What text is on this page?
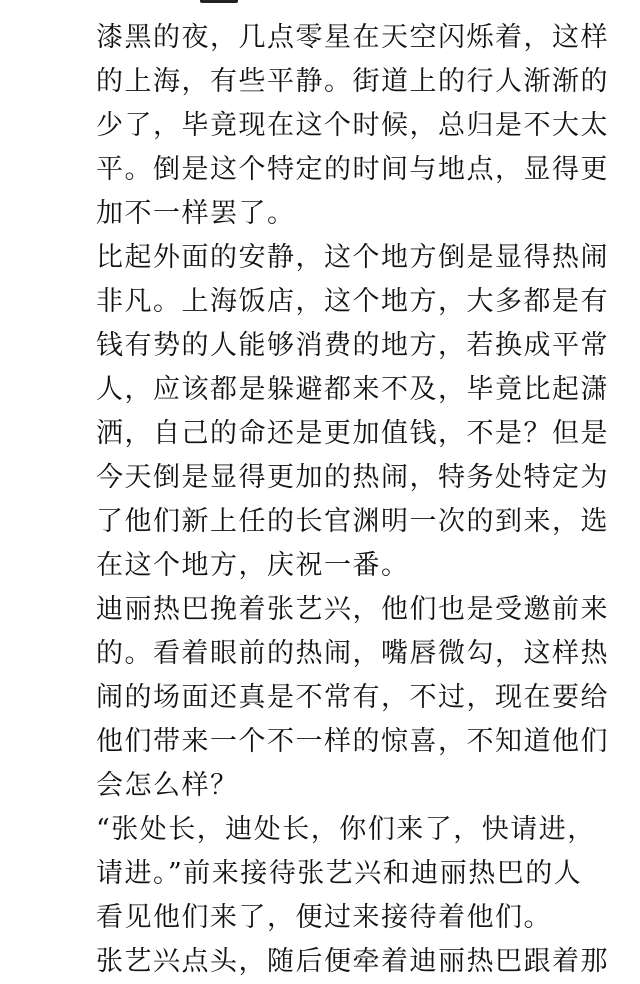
漆黑的夜，几点零星在天空闪烁着，这样
的上海，有些平静。街道上的行人渐渐的
少了，毕竟现在这个时候，总归是不大太
平。倒是这个特定的时间与地点，显得更
加不一样罢了。
比起外面的安静，这个地方倒是显得热闹
非凡。上海饭店，这个地方，大多都是有
钱有势的人能够消费的地方，若换成平常
人，应该都是躲避都来不及，毕竟比起潇
洒，自己的命还是更加值钱，不是？但是
今天倒是显得更加的热闹，特务处特定为
了他们新上任的长官渊明一次的到来，选
在这个地方，庆祝一番。
迪丽热巴挽着张艺兴，他们也是受邀前来
的。看着眼前的热闹，嘴唇微勾，这样热
闹的场面还真是不常有，不过，现在要给
他们带来一个不一样的惊喜，不知道他们
会怎么样？
“张处长，迪处长，你们来了，快请进，
请进。”前来接待张艺兴和迪丽热巴的人
看见他们来了，便过来接待着他们。
张艺兴点头，随后便牵着迪丽热巴跟着那
